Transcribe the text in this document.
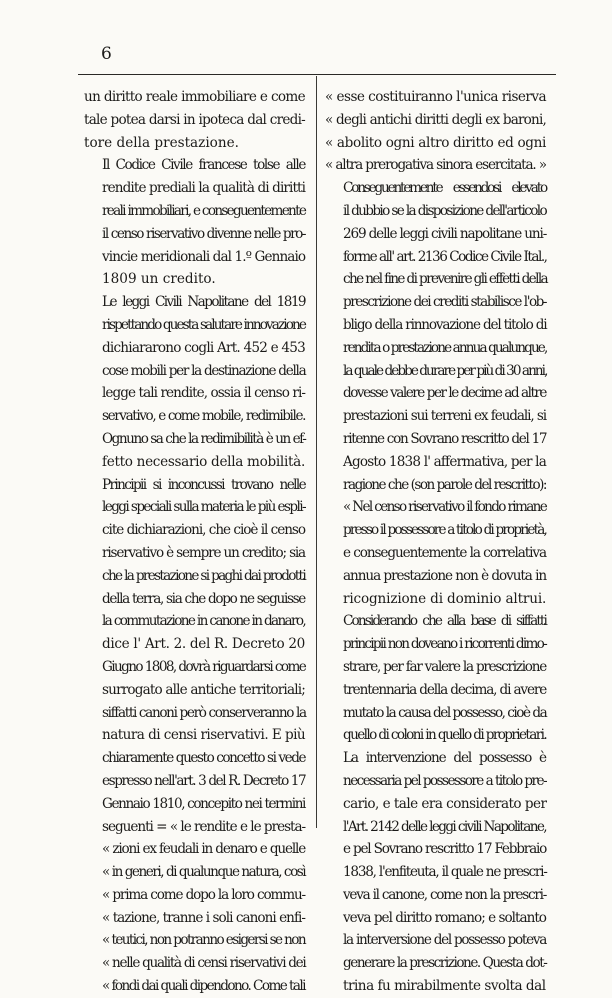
6
un diritto reale immobiliare e come
tale potea darsi in ipoteca dal credi-
tore della prestazione.
Il Codice Civile francese tolse alle
rendite prediali la qualità di diritti
reali immobiliari, e conseguentemente
il censo riservativo divenne nelle pro-
vincie meridionali dal 1.º Gennaio
1809 un credito.
Le leggi Civili Napolitane del 1819
rispettando questa salutare innovazione
dichiararono cogli Art. 452 e 453
cose mobili per la destinazione della
legge tali rendite, ossia il censo ri-
servativo, e come mobile, redimibile.
Ognuno sa che la redimibilità è un ef-
fetto necessario della mobilità.
Principii si inconcussi trovano nelle
leggi speciali sulla materia le più espli-
cite dichiarazioni, che cioè il censo
riservativo è sempre un credito; sia
che la prestazione si paghi dai prodotti
della terra, sia che dopo ne seguisse
la commutazione in canone in danaro,
dice l' Art. 2. del R. Decreto 20
Giugno 1808, dovrà riguardarsi come
surrogato alle antiche territoriali;
siffatti canoni però conserveranno la
natura di censi riservativi. E più
chiaramente questo concetto si vede
espresso nell'art. 3 del R. Decreto 17
Gennaio 1810, concepito nei termini
seguenti = « le rendite e le presta-
« zioni ex feudali in denaro e quelle
« in generi, di qualunque natura, così
« prima come dopo la loro commu-
« tazione, tranne i soli canoni enfi-
« teutici, non potranno esigersi se non
« nelle qualità di censi riservativi dei
« fondi dai quali dipendono. Come tali
« esse costituiranno l'unica riserva
« degli antichi diritti degli ex baroni,
« abolito ogni altro diritto ed ogni
« altra prerogativa sinora esercitata. »
Conseguentemente essendosi elevato
il dubbio se la disposizione dell'articolo
269 delle leggi civili napolitane uni-
forme all' art. 2136 Codice Civile Ital.,
che nel fine di prevenire gli effetti della
prescrizione dei crediti stabilisce l'ob-
bligo della rinnovazione del titolo di
rendita o prestazione annua qualunque,
la quale debbe durare per più di 30 anni,
dovesse valere per le decime ad altre
prestazioni sui terreni ex feudali, si
ritenne con Sovrano rescritto del 17
Agosto 1838 l' affermativa, per la
ragione che (son parole del rescritto):
« Nel censo riservativo il fondo rimane
presso il possessore a titolo di proprietà,
e conseguentemente la correlativa
annua prestazione non è dovuta in
ricognizione di dominio altrui.
Considerando che alla base di siffatti
principii non doveano i ricorrenti dimo-
strare, per far valere la prescrizione
trentennaria della decima, di avere
mutato la causa del possesso, cioè da
quello di coloni in quello di proprietari.
La intervenzione del possesso è
necessaria pel possessore a titolo pre-
cario, e tale era considerato per
l'Art. 2142 delle leggi civili Napolitane,
e pel Sovrano rescritto 17 Febbraio
1838, l'enfiteuta, il quale ne prescri-
veva il canone, come non la prescri-
veva pel diritto romano; e soltanto
la interversione del possesso poteva
generare la prescrizione. Questa dot-
trina fu mirabilmente svolta dal
